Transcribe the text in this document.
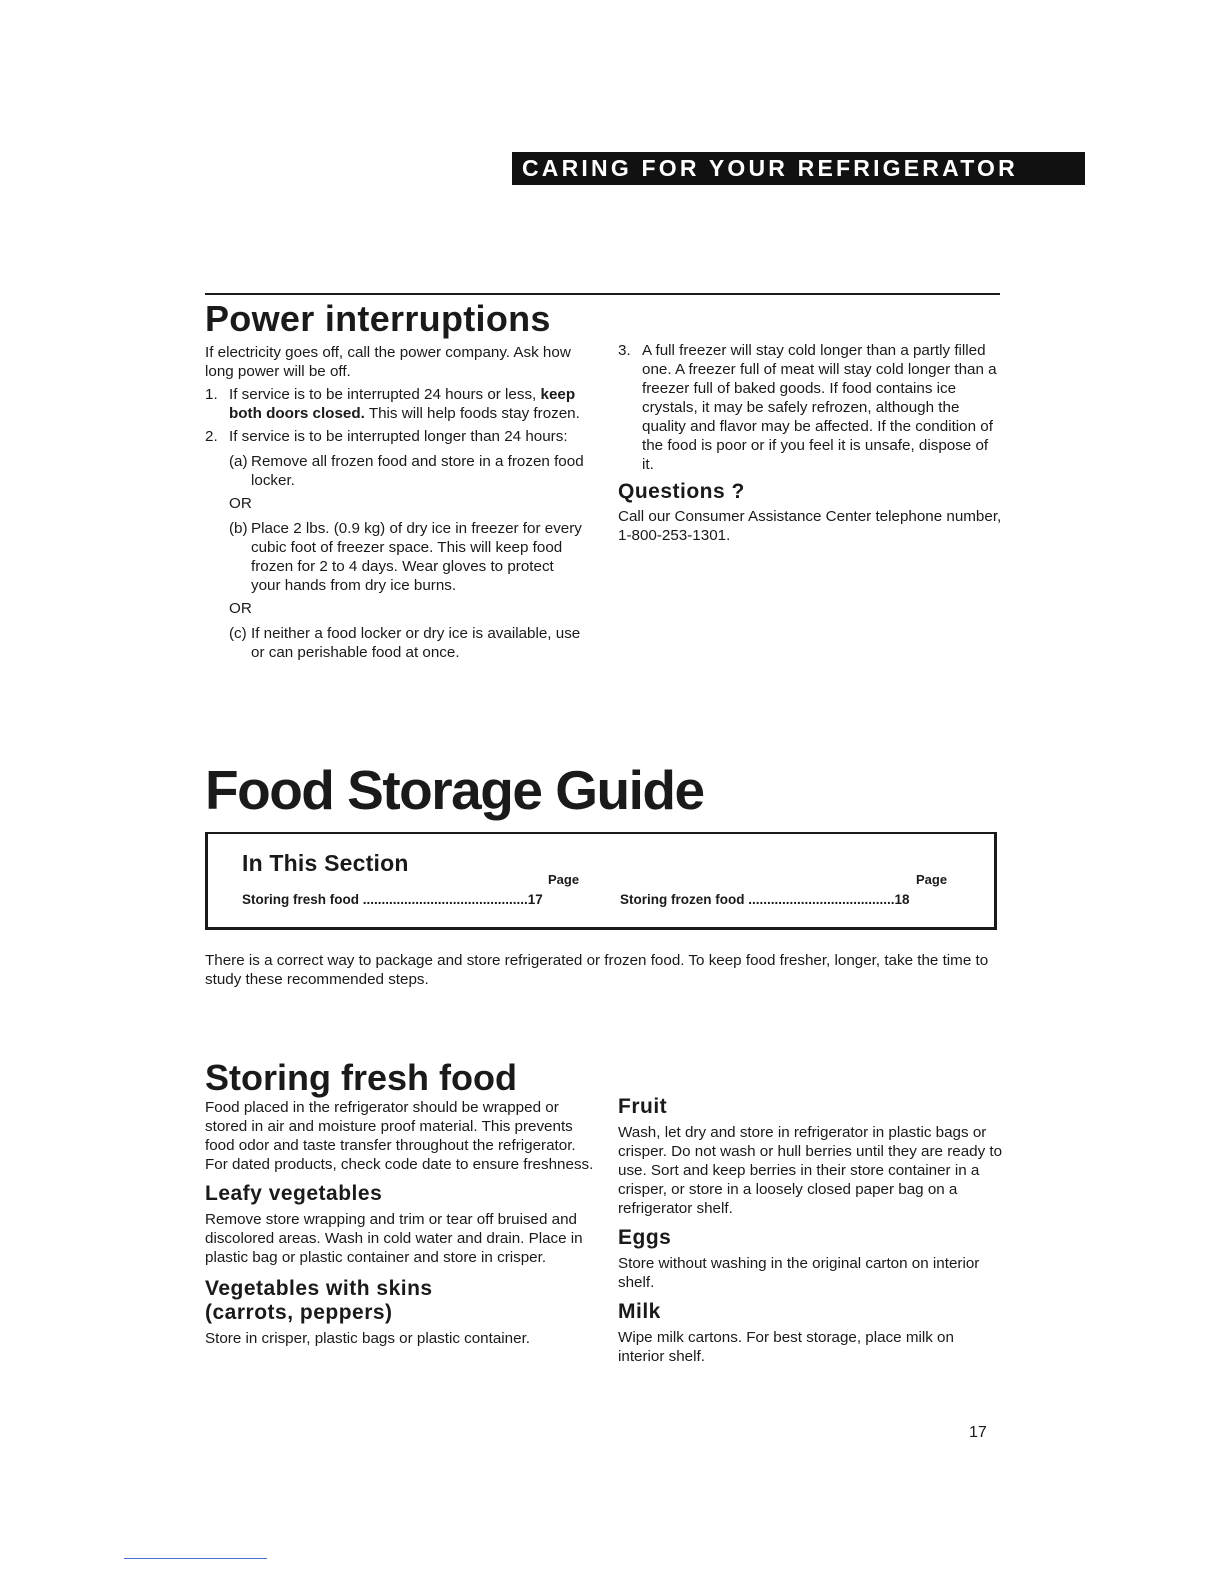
CARING FOR YOUR REFRIGERATOR
Power interruptions

If electricity goes off, call the power company. Ask how long power will be off.

1. If service is to be interrupted 24 hours or less, keep both doors closed. This will help foods stay frozen.
2. If service is to be interrupted longer than 24 hours:
(a) Remove all frozen food and store in a frozen food locker.
OR
(b) Place 2 lbs. (0.9 kg) of dry ice in freezer for every cubic foot of freezer space. This will keep food frozen for 2 to 4 days. Wear gloves to protect your hands from dry ice burns.
OR
(c) If neither a food locker or dry ice is available, use or can perishable food at once.
3. A full freezer will stay cold longer than a partly filled one. A freezer full of meat will stay cold longer than a freezer full of baked goods. If food contains ice crystals, it may be safely refrozen, although the quality and flavor may be affected. If the condition of the food is poor or if you feel it is unsafe, dispose of it.
Questions ?

Call our Consumer Assistance Center telephone number, 1-800-253-1301.

Food Storage Guide
In This Section
Page	Page
Storing fresh food ............................................17	Storing frozen food .......................................18

There is a correct way to package and store refrigerated or frozen food. To keep food fresher, longer, take the time to study these recommended steps.

Storing fresh food

Food placed in the refrigerator should be wrapped or stored in air and moisture proof material. This prevents food odor and taste transfer throughout the refrigerator. For dated products, check code date to ensure freshness.

Leafy vegetables

Remove store wrapping and trim or tear off bruised and discolored areas. Wash in cold water and drain. Place in plastic bag or plastic container and store in crisper.

Vegetables with skins (carrots, peppers)

Store in crisper, plastic bags or plastic container.

Fruit

Wash, let dry and store in refrigerator in plastic bags or crisper. Do not wash or hull berries until they are ready to use. Sort and keep berries in their store container in a crisper, or store in a loosely closed paper bag on a refrigerator shelf.

Eggs

Store without washing in the original carton on interior shelf.

Milk

Wipe milk cartons. For best storage, place milk on interior shelf.

17
